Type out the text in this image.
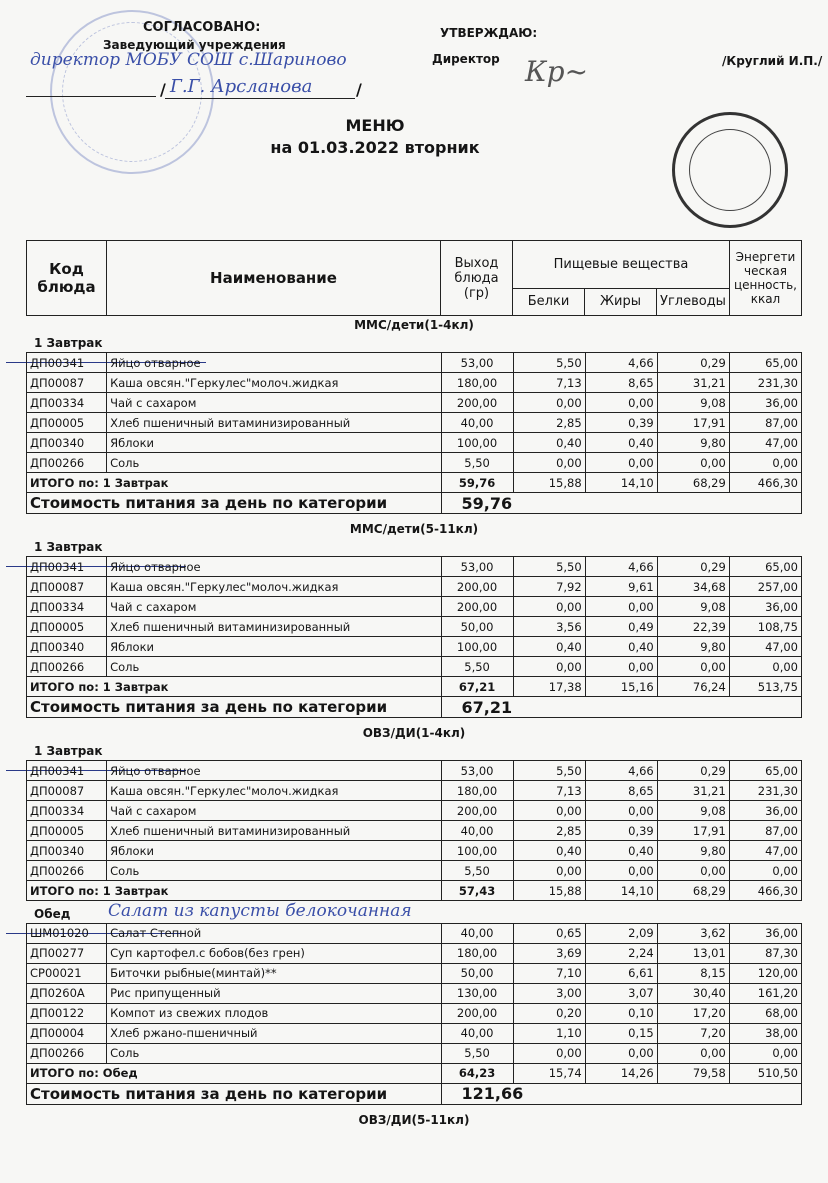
СОГЛАСОВАНО:
Заведующий учреждения
директор МОБУ СОШ с.Шариново
/ Г.Г. Арсланова	/
УТВЕРЖДАЮ:
Директор Кр~	/Круглий И.П./
МЕНЮ
на 01.03.2022 вторник
Код блюда	Наименование	Выход блюда (гр)	Пищевые вещества			Энергети ческая ценность, ккал
			Белки	Жиры	Углеводы	
ММС/дети(1-4кл)
1 Завтрак
ДП00341	Яйцо отварное	53,00	5,50	4,66	0,29	65,00
ДП00087	Каша овсян."Геркулес"молоч.жидкая	180,00	7,13	8,65	31,21	231,30
ДП00334	Чай с сахаром	200,00	0,00	0,00	9,08	36,00
ДП00005	Хлеб пшеничный витаминизированный	40,00	2,85	0,39	17,91	87,00
ДП00340	Яблоки	100,00	0,40	0,40	9,80	47,00
ДП00266	Соль	5,50	0,00	0,00	0,00	0,00
ИТОГО по: 1 Завтрак		59,76	15,88	14,10	68,29	466,30
Стоимость питания за день по категории		59,76				
ММС/дети(5-11кл)
1 Завтрак
ДП00341	Яйцо отварное	53,00	5,50	4,66	0,29	65,00
ДП00087	Каша овсян."Геркулес"молоч.жидкая	200,00	7,92	9,61	34,68	257,00
ДП00334	Чай с сахаром	200,00	0,00	0,00	9,08	36,00
ДП00005	Хлеб пшеничный витаминизированный	50,00	3,56	0,49	22,39	108,75
ДП00340	Яблоки	100,00	0,40	0,40	9,80	47,00
ДП00266	Соль	5,50	0,00	0,00	0,00	0,00
ИТОГО по: 1 Завтрак		67,21	17,38	15,16	76,24	513,75
Стоимость питания за день по категории		67,21				
ОВЗ/ДИ(1-4кл)
1 Завтрак
ДП00341	Яйцо отварное	53,00	5,50	4,66	0,29	65,00
ДП00087	Каша овсян."Геркулес"молоч.жидкая	180,00	7,13	8,65	31,21	231,30
ДП00334	Чай с сахаром	200,00	0,00	0,00	9,08	36,00
ДП00005	Хлеб пшеничный витаминизированный	40,00	2,85	0,39	17,91	87,00
ДП00340	Яблоки	100,00	0,40	0,40	9,80	47,00
ДП00266	Соль	5,50	0,00	0,00	0,00	0,00
ИТОГО по: 1 Завтрак		57,43	15,88	14,10	68,29	466,30
Обед Салат из капусты белокочанная
ШМ01020	Салат Степной	40,00	0,65	2,09	3,62	36,00
ДП00277	Суп картофел.с бобов(без грен)	180,00	3,69	2,24	13,01	87,30
СР00021	Биточки рыбные(минтай)**	50,00	7,10	6,61	8,15	120,00
ДП0260А	Рис припущенный	130,00	3,00	3,07	30,40	161,20
ДП00122	Компот из свежих плодов	200,00	0,20	0,10	17,20	68,00
ДП00004	Хлеб ржано-пшеничный	40,00	1,10	0,15	7,20	38,00
ДП00266	Соль	5,50	0,00	0,00	0,00	0,00
ИТОГО по: Обед		64,23	15,74	14,26	79,58	510,50
Стоимость питания за день по категории		121,66				
ОВЗ/ДИ(5-11кл)
